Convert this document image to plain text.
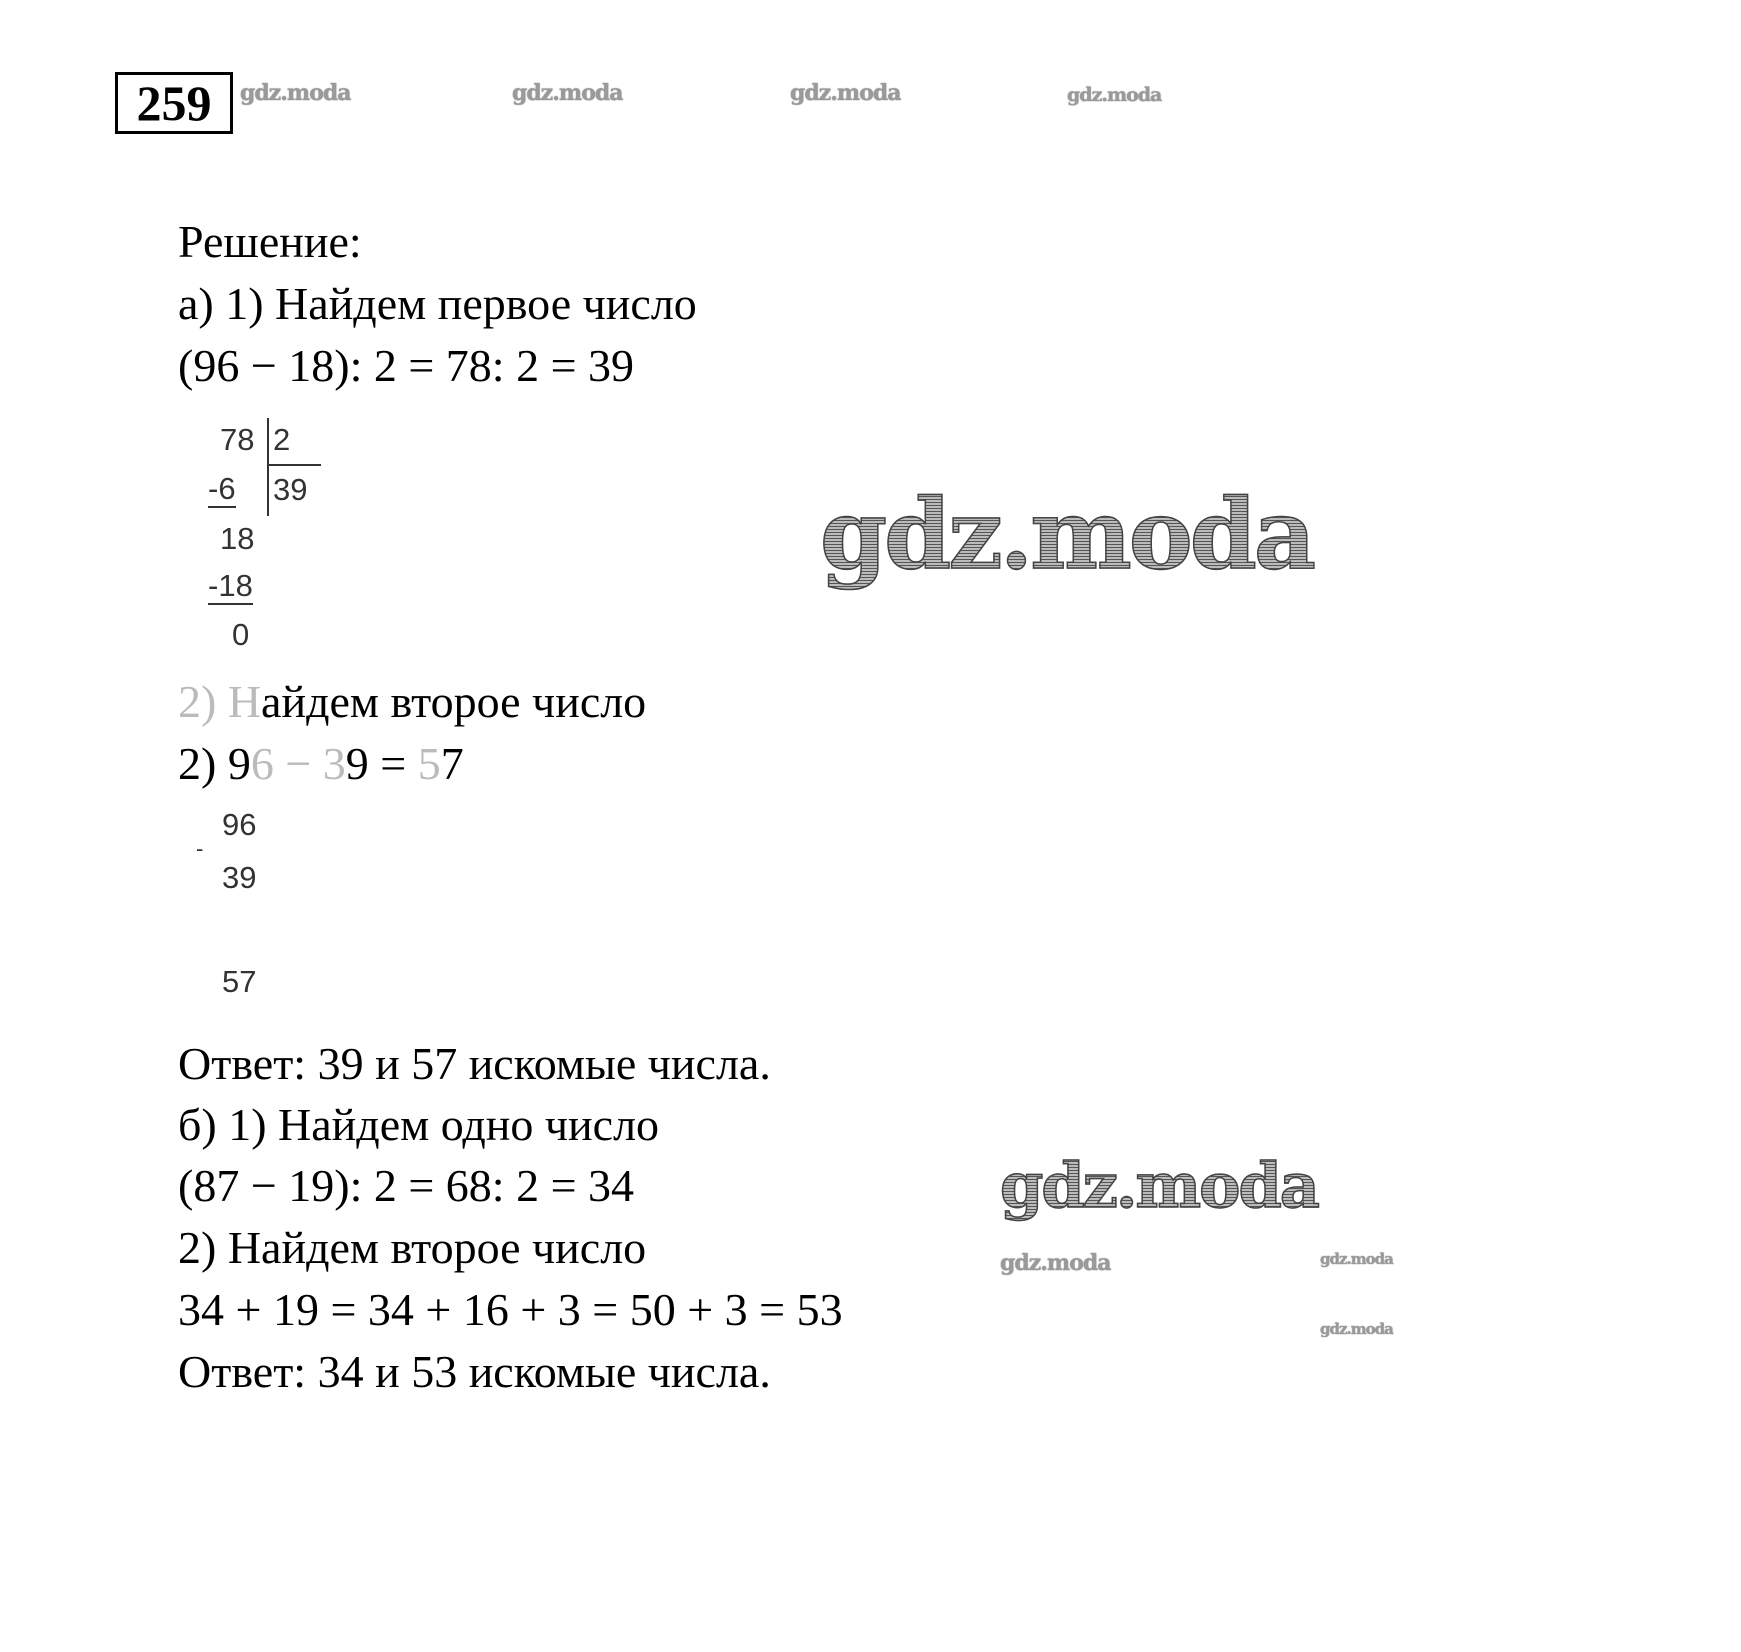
259	gdz.moda	gdz.moda	gdz.moda	gdz.moda
Решение:
а) 1) Найдем первое число
(96 − 18): 2 = 78: 2 = 39
78 2
-6 39
18
-18
0
gdz.moda
2) Найдем второе число
2) 96 − 39 = 57
96
-
39
57
Ответ: 39 и 57 искомые числа.
б) 1) Найдем одно число
(87 − 19): 2 = 68: 2 = 34
2) Найдем второе число
34 + 19 = 34 + 16 + 3 = 50 + 3 = 53
Ответ: 34 и 53 искомые числа.
gdz.moda
gdz.moda
gdz.moda
gdz.moda
